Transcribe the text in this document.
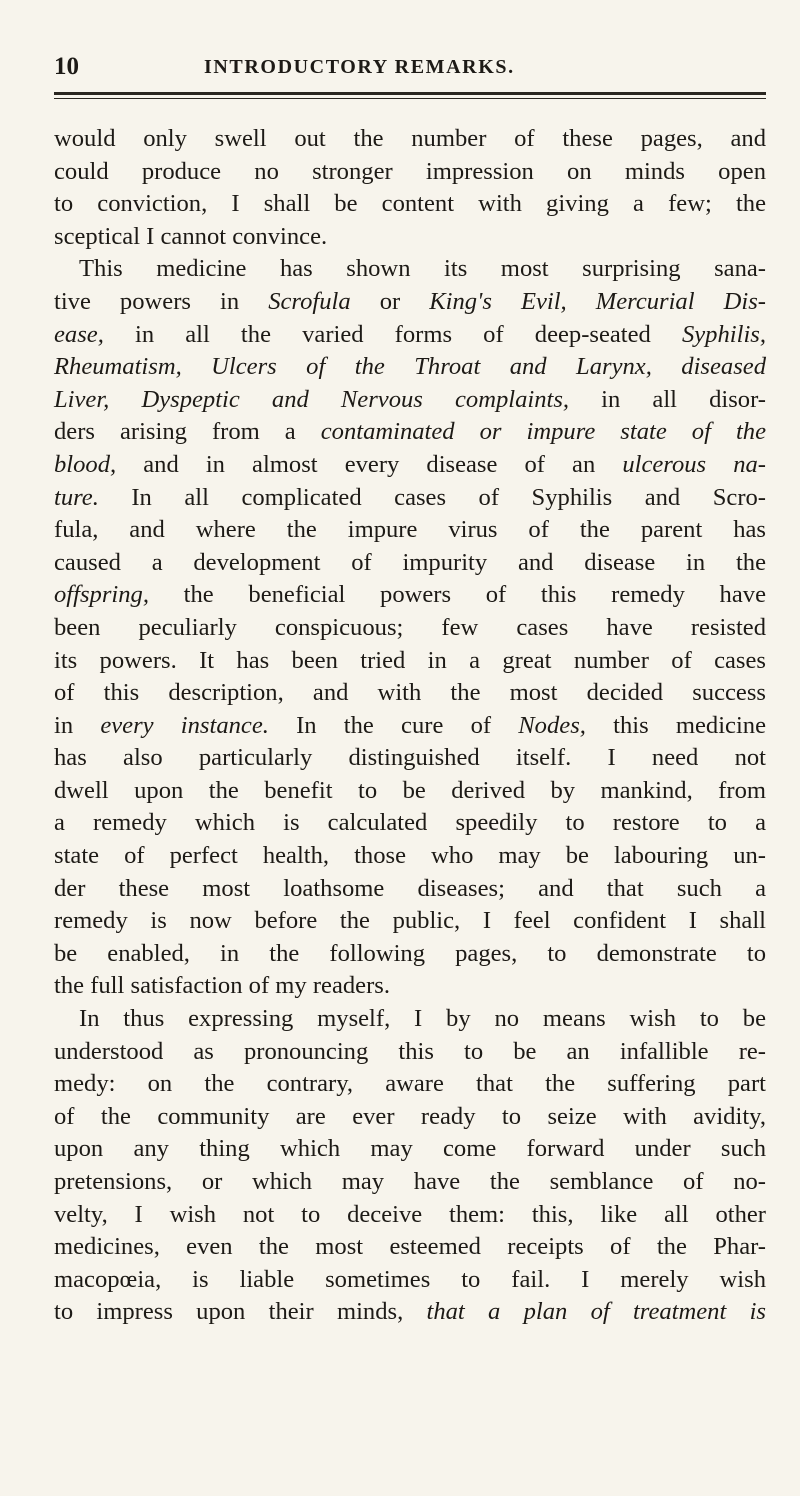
10	INTRODUCTORY REMARKS.
would only swell out the number of these pages, and
could produce no stronger impression on minds open
to conviction, I shall be content with giving a few; the
sceptical I cannot convince.
This medicine has shown its most surprising sana-
tive powers in Scrofula or King's Evil, Mercurial Dis-
ease, in all the varied forms of deep-seated Syphilis,
Rheumatism, Ulcers of the Throat and Larynx, diseased
Liver, Dyspeptic and Nervous complaints, in all disor-
ders arising from a contaminated or impure state of the
blood, and in almost every disease of an ulcerous na-
ture. In all complicated cases of Syphilis and Scro-
fula, and where the impure virus of the parent has
caused a development of impurity and disease in the
offspring, the beneficial powers of this remedy have
been peculiarly conspicuous; few cases have resisted
its powers. It has been tried in a great number of cases
of this description, and with the most decided success
in every instance. In the cure of Nodes, this medicine
has also particularly distinguished itself. I need not
dwell upon the benefit to be derived by mankind, from
a remedy which is calculated speedily to restore to a
state of perfect health, those who may be labouring un-
der these most loathsome diseases; and that such a
remedy is now before the public, I feel confident I shall
be enabled, in the following pages, to demonstrate to
the full satisfaction of my readers.
In thus expressing myself, I by no means wish to be
understood as pronouncing this to be an infallible re-
medy: on the contrary, aware that the suffering part
of the community are ever ready to seize with avidity,
upon any thing which may come forward under such
pretensions, or which may have the semblance of no-
velty, I wish not to deceive them: this, like all other
medicines, even the most esteemed receipts of the Phar-
macopœia, is liable sometimes to fail. I merely wish
to impress upon their minds, that a plan of treatment is
